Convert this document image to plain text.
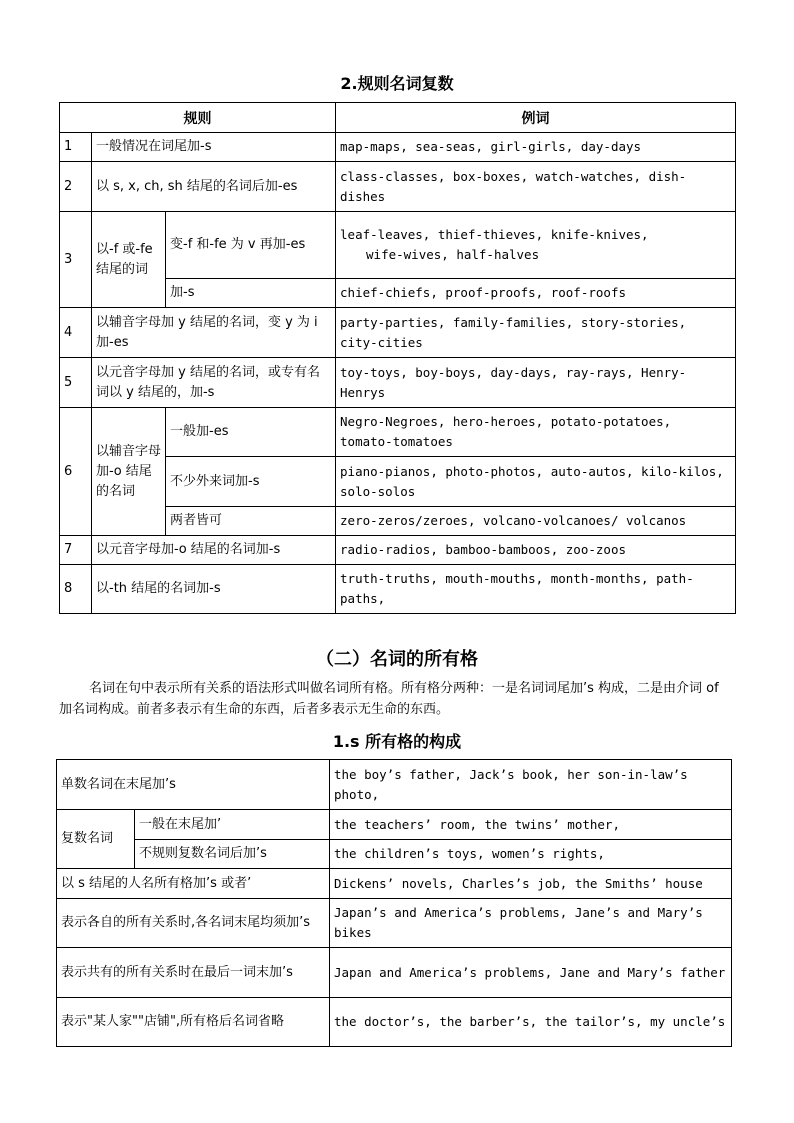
2.规则名词复数
规则			例词
1	一般情况在词尾加-s		map-maps, sea-seas, girl-girls, day-days
2	以 s, x, ch, sh 结尾的名词后加-es		class-classes, box-boxes, watch-watches, dish-dishes
3	以-f 或-fe 结尾的词	变-f 和-fe 为 v 再加-es	leaf-leaves, thief-thieves, knife-knives,
wife-wives, half-halves

		加-s	chief-chiefs, proof-proofs, roof-roofs
4	以辅音字母加 y 结尾的名词，变 y 为 i 加-es		party-parties, family-families, story-stories, city-cities
5	以元音字母加 y 结尾的名词，或专有名词以 y 结尾的，加-s		toy-toys, boy-boys, day-days, ray-rays, Henry-Henrys
6	以辅音字母加-o 结尾的名词	一般加-es	Negro-Negroes, hero-heroes, potato-potatoes, tomato-tomatoes
		不少外来词加-s	piano-pianos, photo-photos, auto-autos, kilo-kilos, solo-solos
		两者皆可	zero-zeros/zeroes, volcano-volcanoes/ volcanos
7	以元音字母加-o 结尾的名词加-s		radio-radios, bamboo-bamboos, zoo-zoos
8	以-th 结尾的名词加-s		truth-truths, mouth-mouths, month-months, path-paths,
（二）名词的所有格
名词在句中表示所有关系的语法形式叫做名词所有格。所有格分两种：一是名词词尾加’s 构成，二是由介词 of 加名词构成。前者多表示有生命的东西，后者多表示无生命的东西。
1.s 所有格的构成
单数名词在末尾加’s		the boy’s father, Jack’s book, her son-in-law’s photo,
复数名词	一般在末尾加’	the teachers’ room, the twins’ mother,
	不规则复数名词后加’s	the children’s toys, women’s rights,
以 s 结尾的人名所有格加’s 或者’		Dickens’ novels, Charles’s job, the Smiths’ house
表示各自的所有关系时,各名词末尾均须加’s		Japan’s and America’s problems, Jane’s and Mary’s bikes
表示共有的所有关系时在最后一词末加’s		Japan and America’s problems, Jane and Mary’s father
表示"某人家""店铺",所有格后名词省略		the doctor’s, the barber’s, the tailor’s, my uncle’s
